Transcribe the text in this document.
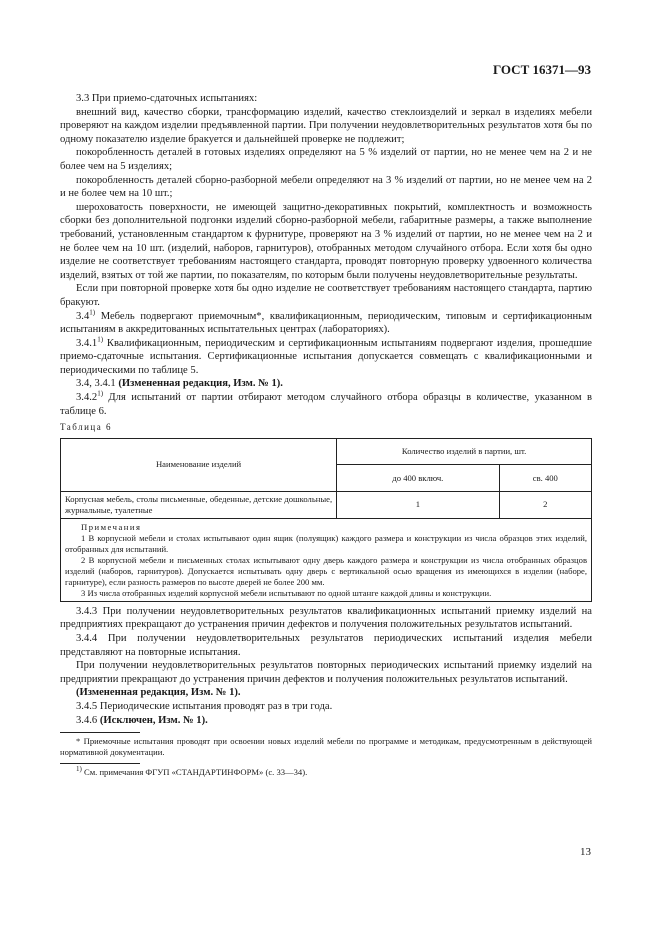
ГОСТ 16371—93

3.3 При приемо-сдаточных испытаниях:

внешний вид, качество сборки, трансформацию изделий, качество стеклоизделий и зеркал в изделиях мебели проверяют на каждом изделии предъявленной партии. При получении неудовлетворительных результатов хотя бы по одному показателю изделие бракуется и дальнейшей проверке не подлежит;

покоробленность деталей в готовых изделиях определяют на 5 % изделий от партии, но не менее чем на 2 и не более чем на 5 изделиях;

покоробленность деталей сборно-разборной мебели определяют на 3 % изделий от партии, но не менее чем на 2 и не более чем на 10 шт.;

шероховатость поверхности, не имеющей защитно-декоративных покрытий, комплектность и возможность сборки без дополнительной подгонки изделий сборно-разборной мебели, габаритные размеры, а также выполнение требований, установленным стандартом к фурнитуре, проверяют на 3 % изделий от партии, но не менее чем на 2 и не более чем на 10 шт. (изделий, наборов, гарнитуров), отобранных методом случайного отбора. Если хотя бы одно изделие не соответствует требованиям настоящего стандарта, проводят повторную проверку удвоенного количества изделий, взятых от той же партии, по показателям, по которым были получены неудовлетворительные результаты.

Если при повторной проверке хотя бы одно изделие не соответствует требованиям настоящего стандарта, партию бракуют.

3.4$^{1)}$ Мебель подвергают приемочным*, квалификационным, периодическим, типовым и сертификационным испытаниям в аккредитованных испытательных центрах (лабораториях).

3.4.1$^{1)}$ Квалификационным, периодическим и сертификационным испытаниям подвергают изделия, прошедшие приемо-сдаточные испытания. Сертификационные испытания допускается совмещать с квалификационными и периодическими по таблице 5.

3.4, 3.4.1 (Измененная редакция, Изм. № 1).

3.4.2$^{1)}$ Для испытаний от партии отбирают методом случайного отбора образцы в количестве, указанном в таблице 6.

Таблица 6
Наименование изделий	Количество изделий в партии, шт.	
	до 400 включ.	св. 400
Корпусная мебель, столы письменные, обеденные, детские дошкольные, журнальные, туалетные	1	2

Примечания

1 В корпусной мебели и столах испытывают один ящик (полуящик) каждого размера и конструкции из числа образцов этих изделий, отобранных для испытаний.

2 В корпусной мебели и письменных столах испытывают одну дверь каждого размера и конструкции из числа отобранных образцов изделий (наборов, гарнитуров). Допускается испытывать одну дверь с вертикальной осью вращения из имеющихся в изделии (наборе, гарнитуре), если разность размеров по высоте дверей не более 200 мм.

3 Из числа отобранных изделий корпусной мебели испытывают по одной штанге каждой длины и конструкции.

3.4.3 При получении неудовлетворительных результатов квалификационных испытаний приемку изделий на предприятиях прекращают до устранения причин дефектов и получения положительных результатов испытаний.

3.4.4 При получении неудовлетворительных результатов периодических испытаний изделия мебели представляют на повторные испытания.

При получении неудовлетворительных результатов повторных периодических испытаний приемку изделий на предприятии прекращают до устранения причин дефектов и получения положительных результатов испытаний.

(Измененная редакция, Изм. № 1).

3.4.5 Периодические испытания проводят раз в три года.

3.4.6 (Исключен, Изм. № 1).

* Приемочные испытания проводят при освоении новых изделий мебели по программе и методикам, предусмотренным в действующей нормативной документации.

$^{1)}$ См. примечания ФГУП «СТАНДАРТИНФОРМ» (с. 33—34).

13
